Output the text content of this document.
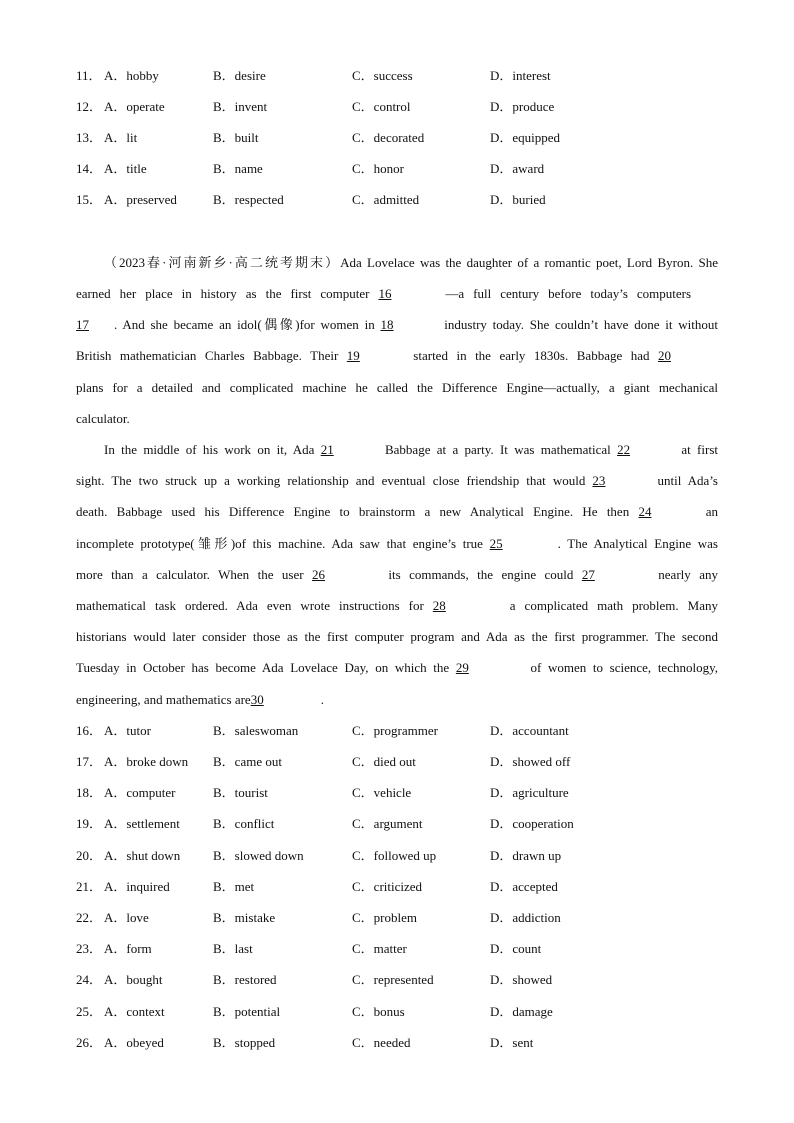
11． A．hobby	B．desire	C．success	D．interest
12． A．operate	B．invent	C．control	D．produce
13． A．lit	B．built	C．decorated	D．equipped
14． A．title	B．name	C．honor	D．award
15． A．preserved	B．respected	C．admitted	D．buried
（2023春·河南新乡·高二统考期末）Ada Lovelace was the daughter of a romantic poet, Lord Byron. She
earned her place in history as the first computer 16	—a full century before today’s computers
17 . And she became an idol(偶像)for women in 18	industry today. She couldn’t have done it without
British mathematician Charles Babbage. Their 19	started in the early 1830s. Babbage had 20
plans for a detailed and complicated machine he called the Difference Engine—actually, a giant mechanical
calculator.
In the middle of his work on it, Ada 21	Babbage at a party. It was mathematical 22	at first
sight. The two struck up a working relationship and eventual close friendship that would 23	until Ada’s
death. Babbage used his Difference Engine to brainstorm a new Analytical Engine. He then 24	an
incomplete prototype(雏形)of this machine. Ada saw that engine’s true 25	. The Analytical Engine was
more than a calculator. When the user 26	its commands, the engine could 27	nearly any
mathematical task ordered. Ada even wrote instructions for 28	a complicated math problem. Many
historians would later consider those as the first computer program and Ada as the first programmer. The second
Tuesday in October has become Ada Lovelace Day, on which the 29	of women to science, technology,
engineering, and mathematics are30	.
16． A．tutor	B．saleswoman	C．programmer	D．accountant
17． A．broke down B．came out	C．died out	D．showed off
18． A．computer	B．tourist	C．vehicle	D．agriculture
19． A．settlement	B．conflict	C．argument	D．cooperation
20． A．shut down	B．slowed down	C．followed up	D．drawn up
21． A．inquired	B．met	C．criticized	D．accepted
22． A．love	B．mistake	C．problem	D．addiction
23． A．form	B．last	C．matter	D．count
24． A．bought	B．restored	C．represented	D．showed
25． A．context	B．potential	C．bonus	D．damage
26． A．obeyed	B．stopped	C．needed	D．sent
